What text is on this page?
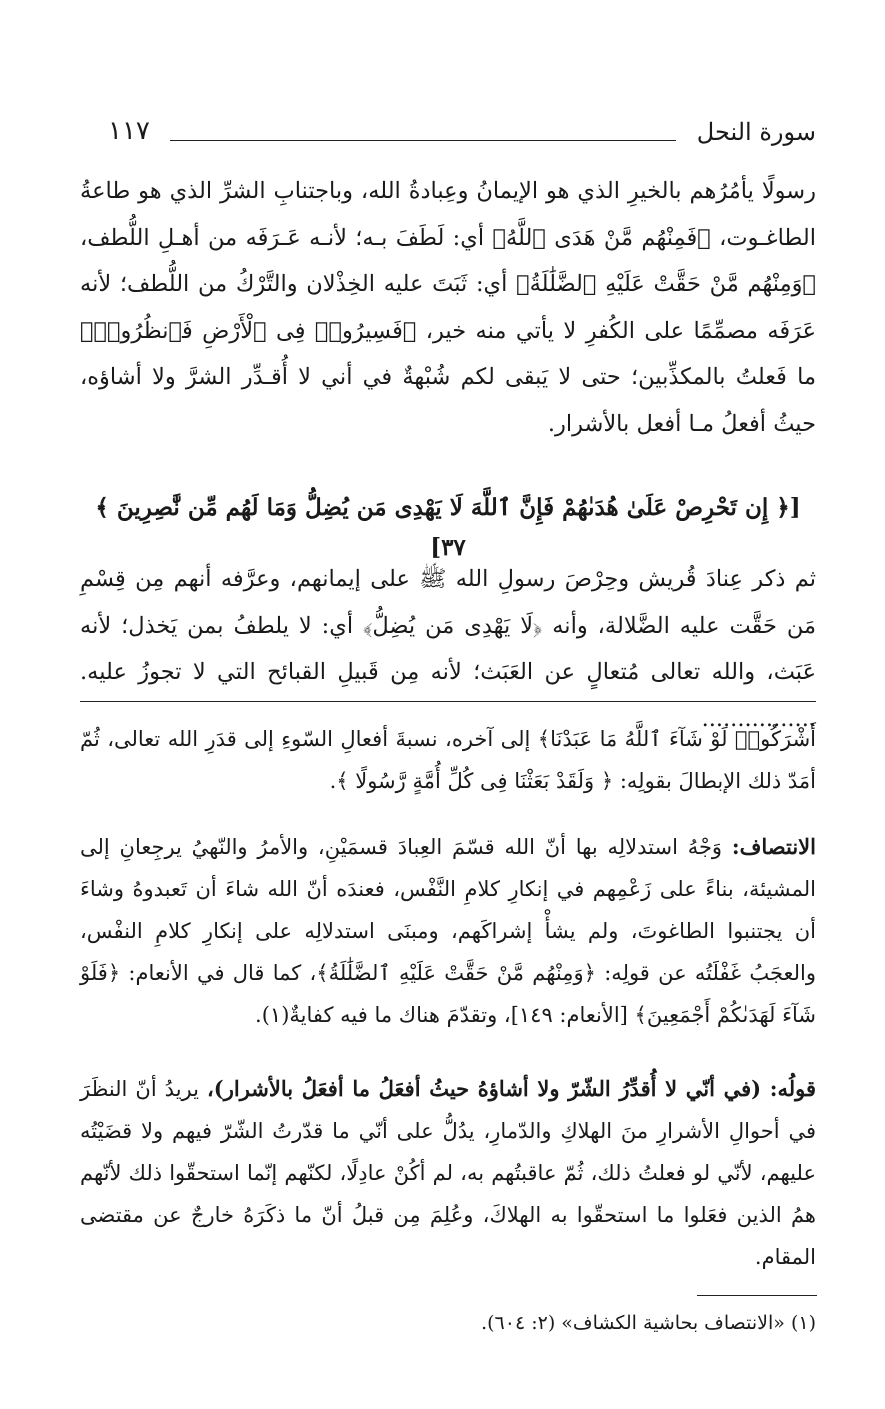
١١٧	سورة النحل

رسولًا يأمُرُهم بالخيرِ الذي هو الإيمانُ وعِبادةُ الله، وباجتنابِ الشرِّ الذي هو طاعةُ الطاغـوت، ﴿فَمِنْهُم مَّنْ هَدَى ٱللَّهُ﴾ أي: لَطَفَ بـه؛ لأنـه عَـرَفَه من أهـلِ اللُّطف، ﴿وَمِنْهُم مَّنْ حَقَّتْ عَلَيْهِ ٱلضَّلَٰلَةُ﴾ أي: ثَبَتَ عليه الخِذْلان والتَّرْكُ من اللُّطف؛ لأنه عَرَفَه مصمِّمًا على الكُفرِ لا يأتي منه خير، ﴿فَسِيرُوا۟ فِى ٱلْأَرْضِ فَٱنظُرُوا۟﴾ ما فَعلتُ بالمكذِّبين؛ حتى لا يَبقى لكم شُبْهةٌ في أني لا أُقـدِّر الشرَّ ولا أشاؤه، حيثُ أفعلُ مـا أفعل بالأشرار.

[﴿ إِن تَحْرِصْ عَلَىٰ هُدَىٰهُمْ فَإِنَّ ٱللَّهَ لَا يَهْدِى مَن يُضِلُّ وَمَا لَهُم مِّن نَّٰصِرِينَ ﴾ ٣٧]

ثم ذكر عِنادَ قُريش وحِرْصَ رسولِ الله ﷺ على إيمانهم، وعرَّفه أنهم مِن قِسْمِ مَن حَقَّت عليه الضَّلالة، وأنه ﴿لَا يَهْدِى مَن يُضِلُّ﴾ أي: لا يلطفُ بمن يَخذل؛ لأنه عَبَث، والله تعالى مُتعالٍ عن العَبَث؛ لأنه مِن قَبيلِ القبائح التي لا تجوزُ عليه. ................

أَشْرَكُوا۟ لَوْ شَآءَ ٱللَّهُ مَا عَبَدْنَا﴾ إلى آخره، نسبةَ أفعالِ السّوءِ إلى قدَرِ الله تعالى، ثُمّ أمَدّ ذلك الإبطالَ بقولِه: ﴿ وَلَقَدْ بَعَثْنَا فِى كُلِّ أُمَّةٍ رَّسُولًا ﴾.

الانتصاف: وَجْهُ استدلالِه بها أنّ الله قسّمَ العِبادَ قسمَيْنِ، والأمرُ والنّهيُ يرجِعانِ إلى المشيئة، بناءً على زَعْمِهم في إنكارِ كلامِ النَّفْس، فعندَه أنّ الله شاءَ أن تَعبدوهُ وشاءَ أن يجتنبوا الطاغوتَ، ولم يشأْ إشراكَهم، ومبنَى استدلالِه على إنكارِ كلامِ النفْس، والعجَبُ غَفْلَتُه عن قولِه: ﴿وَمِنْهُم مَّنْ حَقَّتْ عَلَيْهِ ٱلضَّلَٰلَةُ﴾، كما قال في الأنعام: ﴿فَلَوْ شَآءَ لَهَدَىٰكُمْ أَجْمَعِينَ﴾ [الأنعام: ١٤٩]، وتقدّمَ هناك ما فيه كفايةٌ(١).

قولُه: (في أنّي لا أُقدِّرُ الشّرّ ولا أشاؤهُ حيثُ أفعَلُ ما أفعَلُ بالأشرار)، يريدُ أنّ النظَرَ في أحوالِ الأشرارِ منَ الهلاكِ والدّمارِ، يدُلُّ على أنّي ما قدّرتُ الشّرّ فيهم ولا قضَيْتُه عليهم، لأنّي لو فعلتُ ذلك، ثُمّ عاقبتُهم به، لم أكُنْ عادِلًا، لكنّهم إنّما استحقّوا ذلك لأنّهم همُ الذين فعَلوا ما استحقّوا به الهلاكَ، وعُلِمَ مِن قبلُ أنّ ما ذكَرَهُ خارجٌ عن مقتضى المقام.

(١) «الانتصاف بحاشية الكشاف» (٢: ٦٠٤).
